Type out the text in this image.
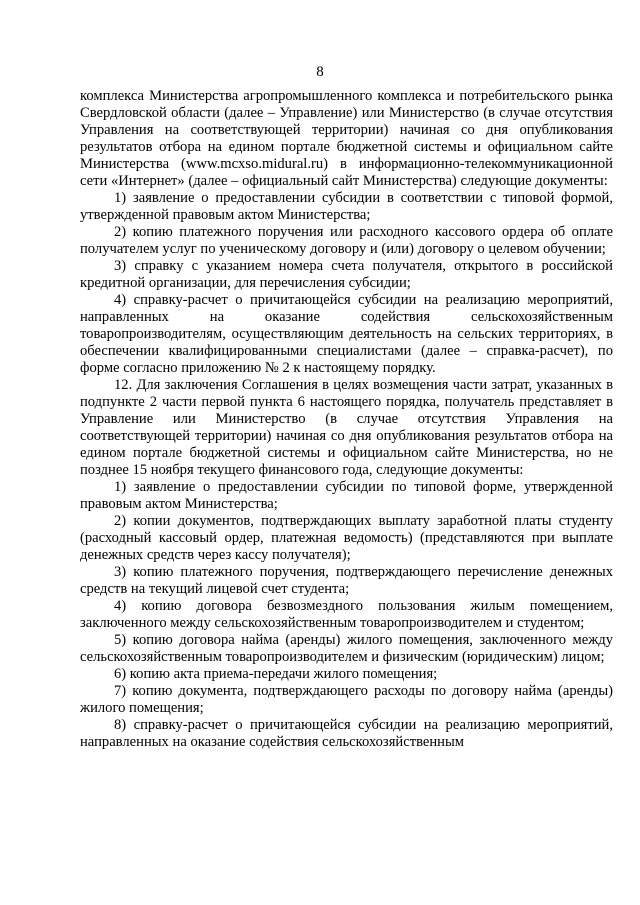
8

комплекса Министерства агропромышленного комплекса и потребительского рынка Свердловской области (далее – Управление) или Министерство (в случае отсутствия Управления на соответствующей территории) начиная со дня опубликования результатов отбора на едином портале бюджетной системы и официальном сайте Министерства (www.mcxso.midural.ru) в информационно-телекоммуникационной сети «Интернет» (далее – официальный сайт Министерства) следующие документы:

1) заявление о предоставлении субсидии в соответствии с типовой формой, утвержденной правовым актом Министерства;

2) копию платежного поручения или расходного кассового ордера об оплате получателем услуг по ученическому договору и (или) договору о целевом обучении;

3) справку с указанием номера счета получателя, открытого в российской кредитной организации, для перечисления субсидии;

4) справку-расчет о причитающейся субсидии на реализацию мероприятий, направленных на оказание содействия сельскохозяйственным товаропроизводителям, осуществляющим деятельность на сельских территориях, в обеспечении квалифицированными специалистами (далее – справка-расчет), по форме согласно приложению № 2 к настоящему порядку.

12. Для заключения Соглашения в целях возмещения части затрат, указанных в подпункте 2 части первой пункта 6 настоящего порядка, получатель представляет в Управление или Министерство (в случае отсутствия Управления на соответствующей территории) начиная со дня опубликования результатов отбора на едином портале бюджетной системы и официальном сайте Министерства, но не позднее 15 ноября текущего финансового года, следующие документы:

1) заявление о предоставлении субсидии по типовой форме, утвержденной правовым актом Министерства;

2) копии документов, подтверждающих выплату заработной платы студенту (расходный кассовый ордер, платежная ведомость) (представляются при выплате денежных средств через кассу получателя);

3) копию платежного поручения, подтверждающего перечисление денежных средств на текущий лицевой счет студента;

4) копию договора безвозмездного пользования жилым помещением, заключенного между сельскохозяйственным товаропроизводителем и студентом;

5) копию договора найма (аренды) жилого помещения, заключенного между сельскохозяйственным товаропроизводителем и физическим (юридическим) лицом;

6) копию акта приема-передачи жилого помещения;

7) копию документа, подтверждающего расходы по договору найма (аренды) жилого помещения;

8) справку-расчет о причитающейся субсидии на реализацию мероприятий, направленных на оказание содействия сельскохозяйственным
